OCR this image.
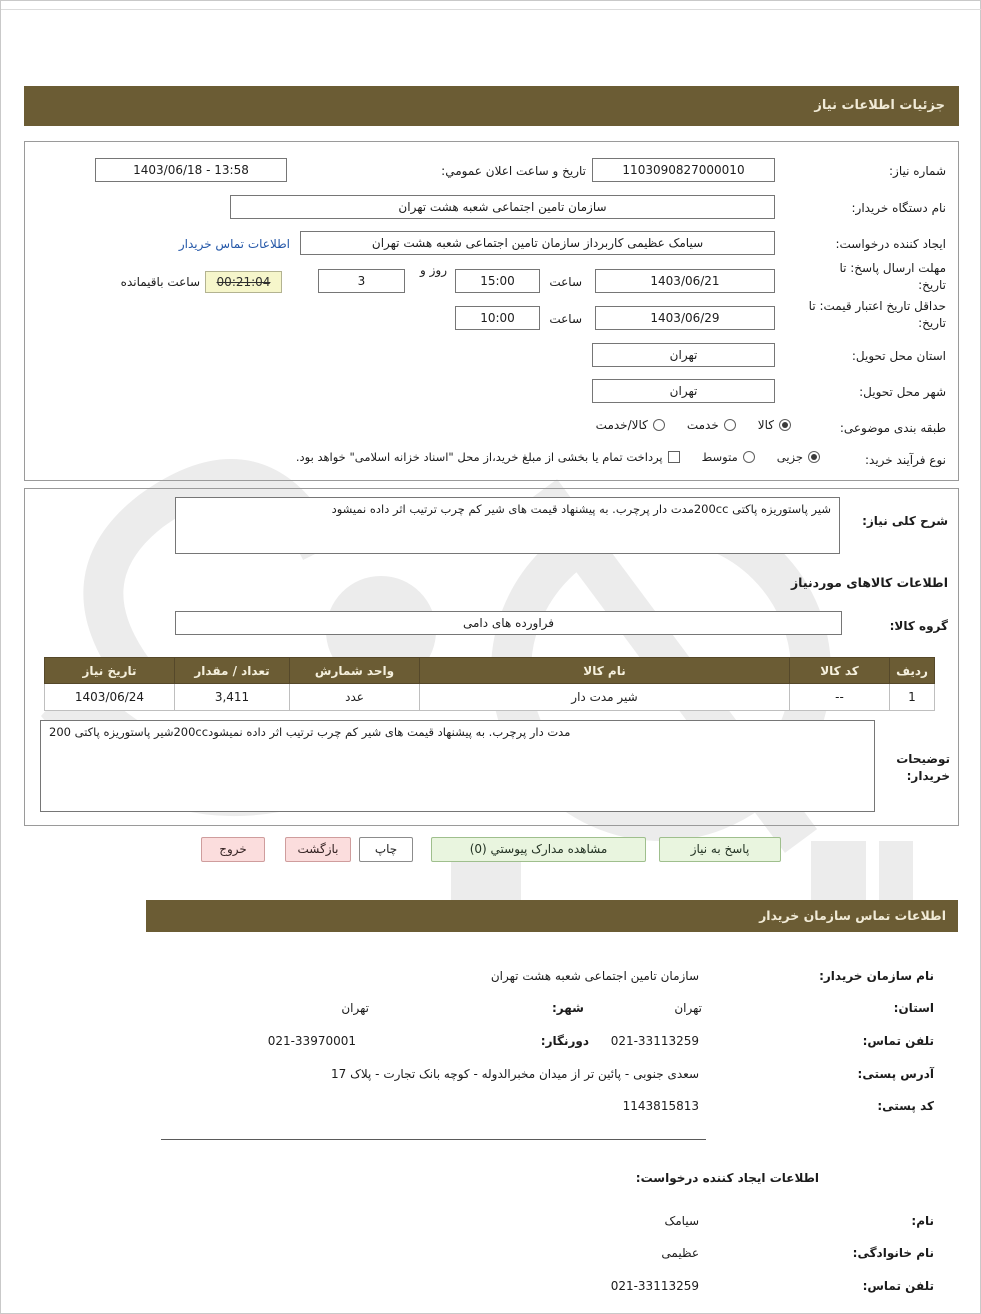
جزئیات اطلاعات نیاز
شماره نیاز:
1103090827000010
تاریخ و ساعت اعلان عمومي:
1403/06/18 - 13:58
نام دستگاه خریدار:
سازمان تامین اجتماعی شعبه هشت تهران
ایجاد کننده درخواست:
سیامک عظیمی کاربرداز سازمان تامین اجتماعی شعبه هشت تهران
اطلاعات تماس خریدار
مهلت ارسال پاسخ: تا تاریخ:
1403/06/21
ساعت
15:00
روز و
3
00:21:04
ساعت باقیمانده
حداقل تاریخ اعتبار قیمت: تا تاریخ:
1403/06/29
ساعت
10:00
استان محل تحویل:
تهران
شهر محل تحویل:
تهران
طبقه بندی موضوعی:
کالا
خدمت
کالا/خدمت
نوع فرآیند خرید:
جزیی
متوسط
پرداخت تمام یا بخشی از مبلغ خرید،از محل "اسناد خزانه اسلامی" خواهد بود.
شیر پاستوریزه پاکتی 200ccمدت دار پرچرب. به پیشنهاد قیمت های شیر کم چرب ترتیب اثر داده نمیشود
شرح کلی نیاز:
اطلاعات کالاهای موردنیاز
گروه کالا:
فراورده های دامی
ردیف	کد کالا	نام کالا	واحد شمارش	تعداد / مقدار	تاریخ نیاز
1	--	شیر مدت دار	عدد	3,411	1403/06/24
مدت دار پرچرب. به پیشنهاد قیمت های شیر کم چرب ترتیب اثر داده نمیشود200ccشیر پاستوریزه پاکتی 200
توضیحات خریدار:
پاسخ به نیاز
مشاهده مدارک پیوستي (0)
چاپ
بازگشت
خروج
اطلاعات تماس سازمان خریدار
نام سازمان خریدار:
سازمان تامین اجتماعی شعبه هشت تهران
استان:
تهران
شهر:
تهران
تلفن تماس:
021-33113259
دورنگار:
021-33970001
آدرس پستی:
سعدی جنوبی - پائین تر از میدان مخبرالدوله - کوچه بانک تجارت - پلاک 17
کد پستی:
1143815813
اطلاعات ایجاد کننده درخواست:
نام:
سیامک
نام خانوادگی:
عظیمی
تلفن تماس:
021-33113259
